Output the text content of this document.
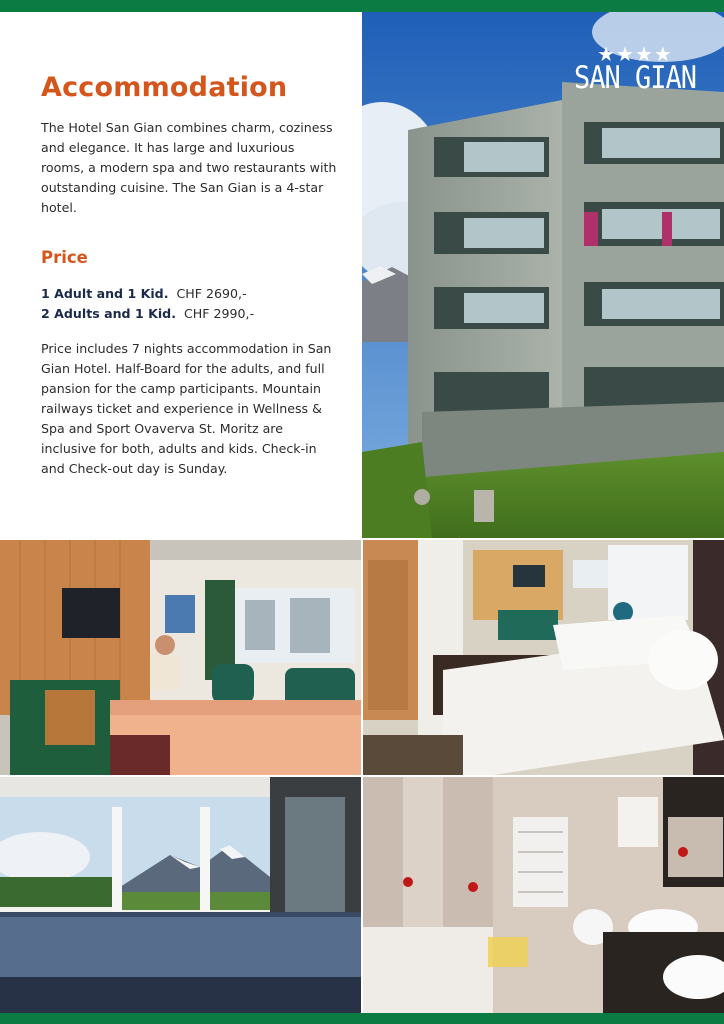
Accommodation

The Hotel San Gian combines charm, coziness and elegance. It has large and luxurious rooms, a modern spa and two restaurants with outstanding cuisine. The San Gian is a 4-star hotel.

Price
1 Adult and 1 Kid. CHF 2690,-
2 Adults and 1 Kid. CHF 2990,-

Price includes 7 nights accommodation in San Gian Hotel. Half-Board for the adults, and full pansion for the camp participants. Mountain railways ticket and experience in Wellness & Spa and Sport Ovaverva St. Moritz are inclusive for both, adults and kids. Check-in and Check-out day is Sunday.

★★★★
SAN GIAN
